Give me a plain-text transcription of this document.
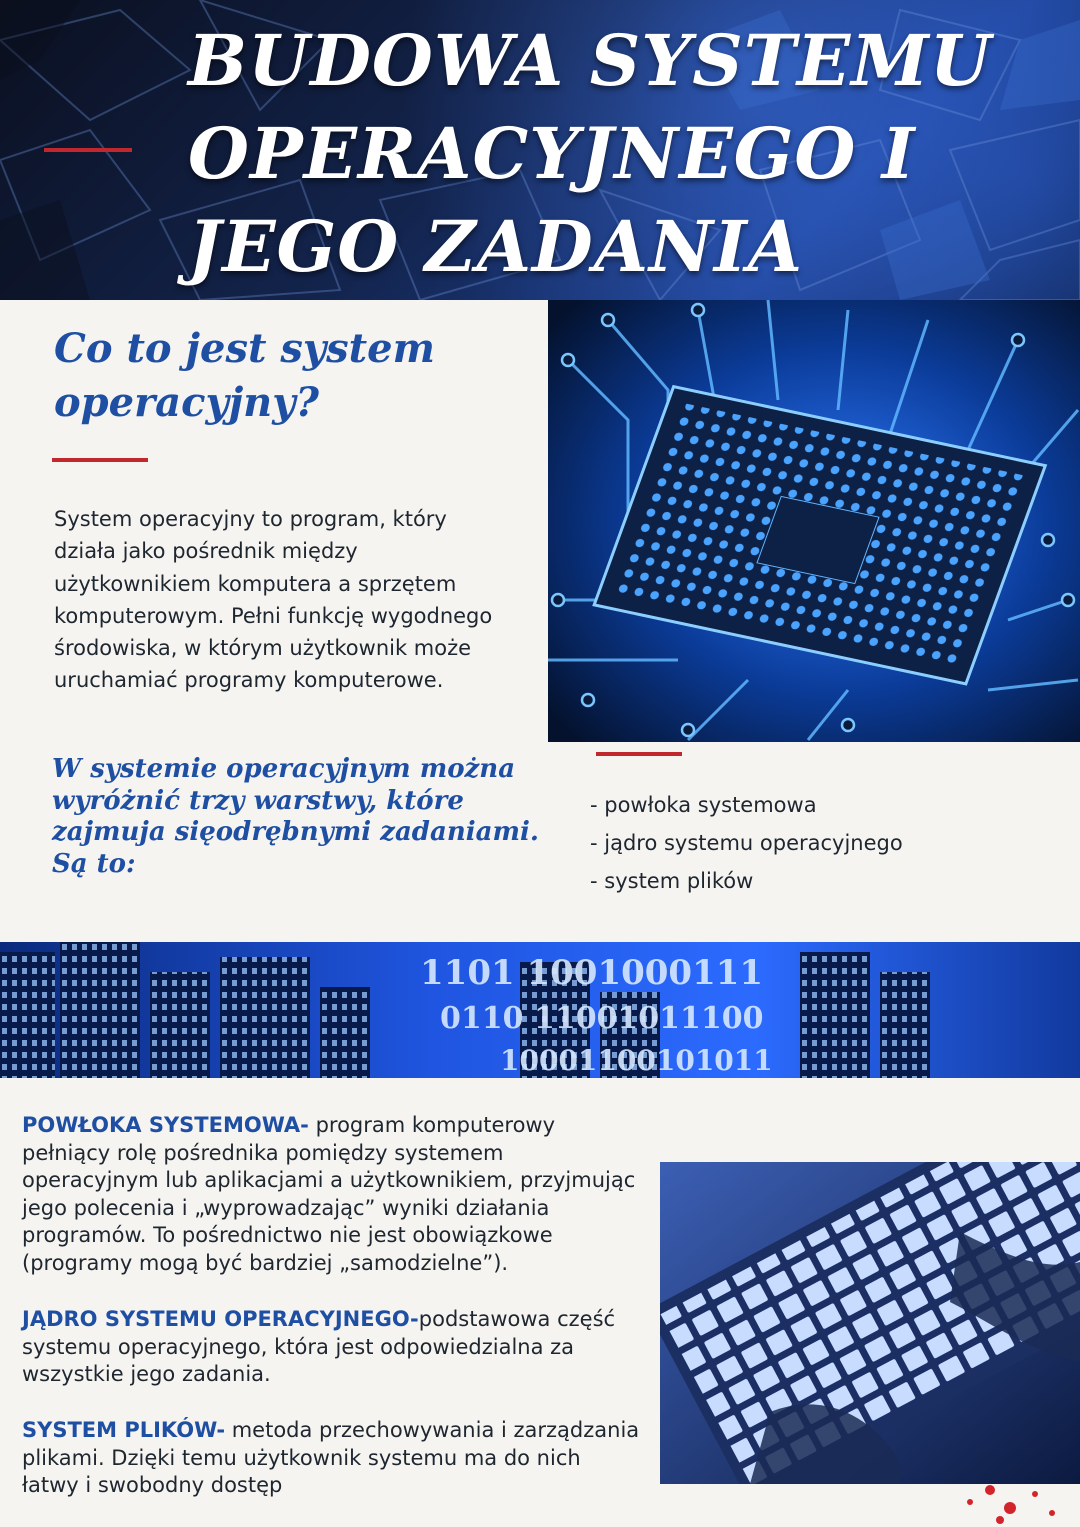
BUDOWA SYSTEMU OPERACYJNEGO I JEGO ZADANIA
Co to jest system operacyjny?

System operacyjny to program, który działa jako pośrednik między użytkownikiem komputera a sprzętem komputerowym. Pełni funkcję wygodnego środowiska, w którym użytkownik może uruchamiać programy komputerowe.

W systemie operacyjnym można wyróżnić trzy warstwy, które zajmuja sięodrębnymi zadaniami. Są to:
- powłoka systemowa
- jądro systemu operacyjnego
- system plików
1101 1001000111
0110 11001011100
10001100101011

POWŁOKA SYSTEMOWA- program komputerowy pełniący rolę pośrednika pomiędzy systemem operacyjnym lub aplikacjami a użytkownikiem, przyjmując jego polecenia i „wyprowadzając” wyniki działania programów. To pośrednictwo nie jest obowiązkowe (programy mogą być bardziej „samodzielne”).

JĄDRO SYSTEMU OPERACYJNEGO-podstawowa część systemu operacyjnego, która jest odpowiedzialna za wszystkie jego zadania.

SYSTEM PLIKÓW- metoda przechowywania i zarządzania plikami. Dzięki temu użytkownik systemu ma do nich łatwy i swobodny dostęp
